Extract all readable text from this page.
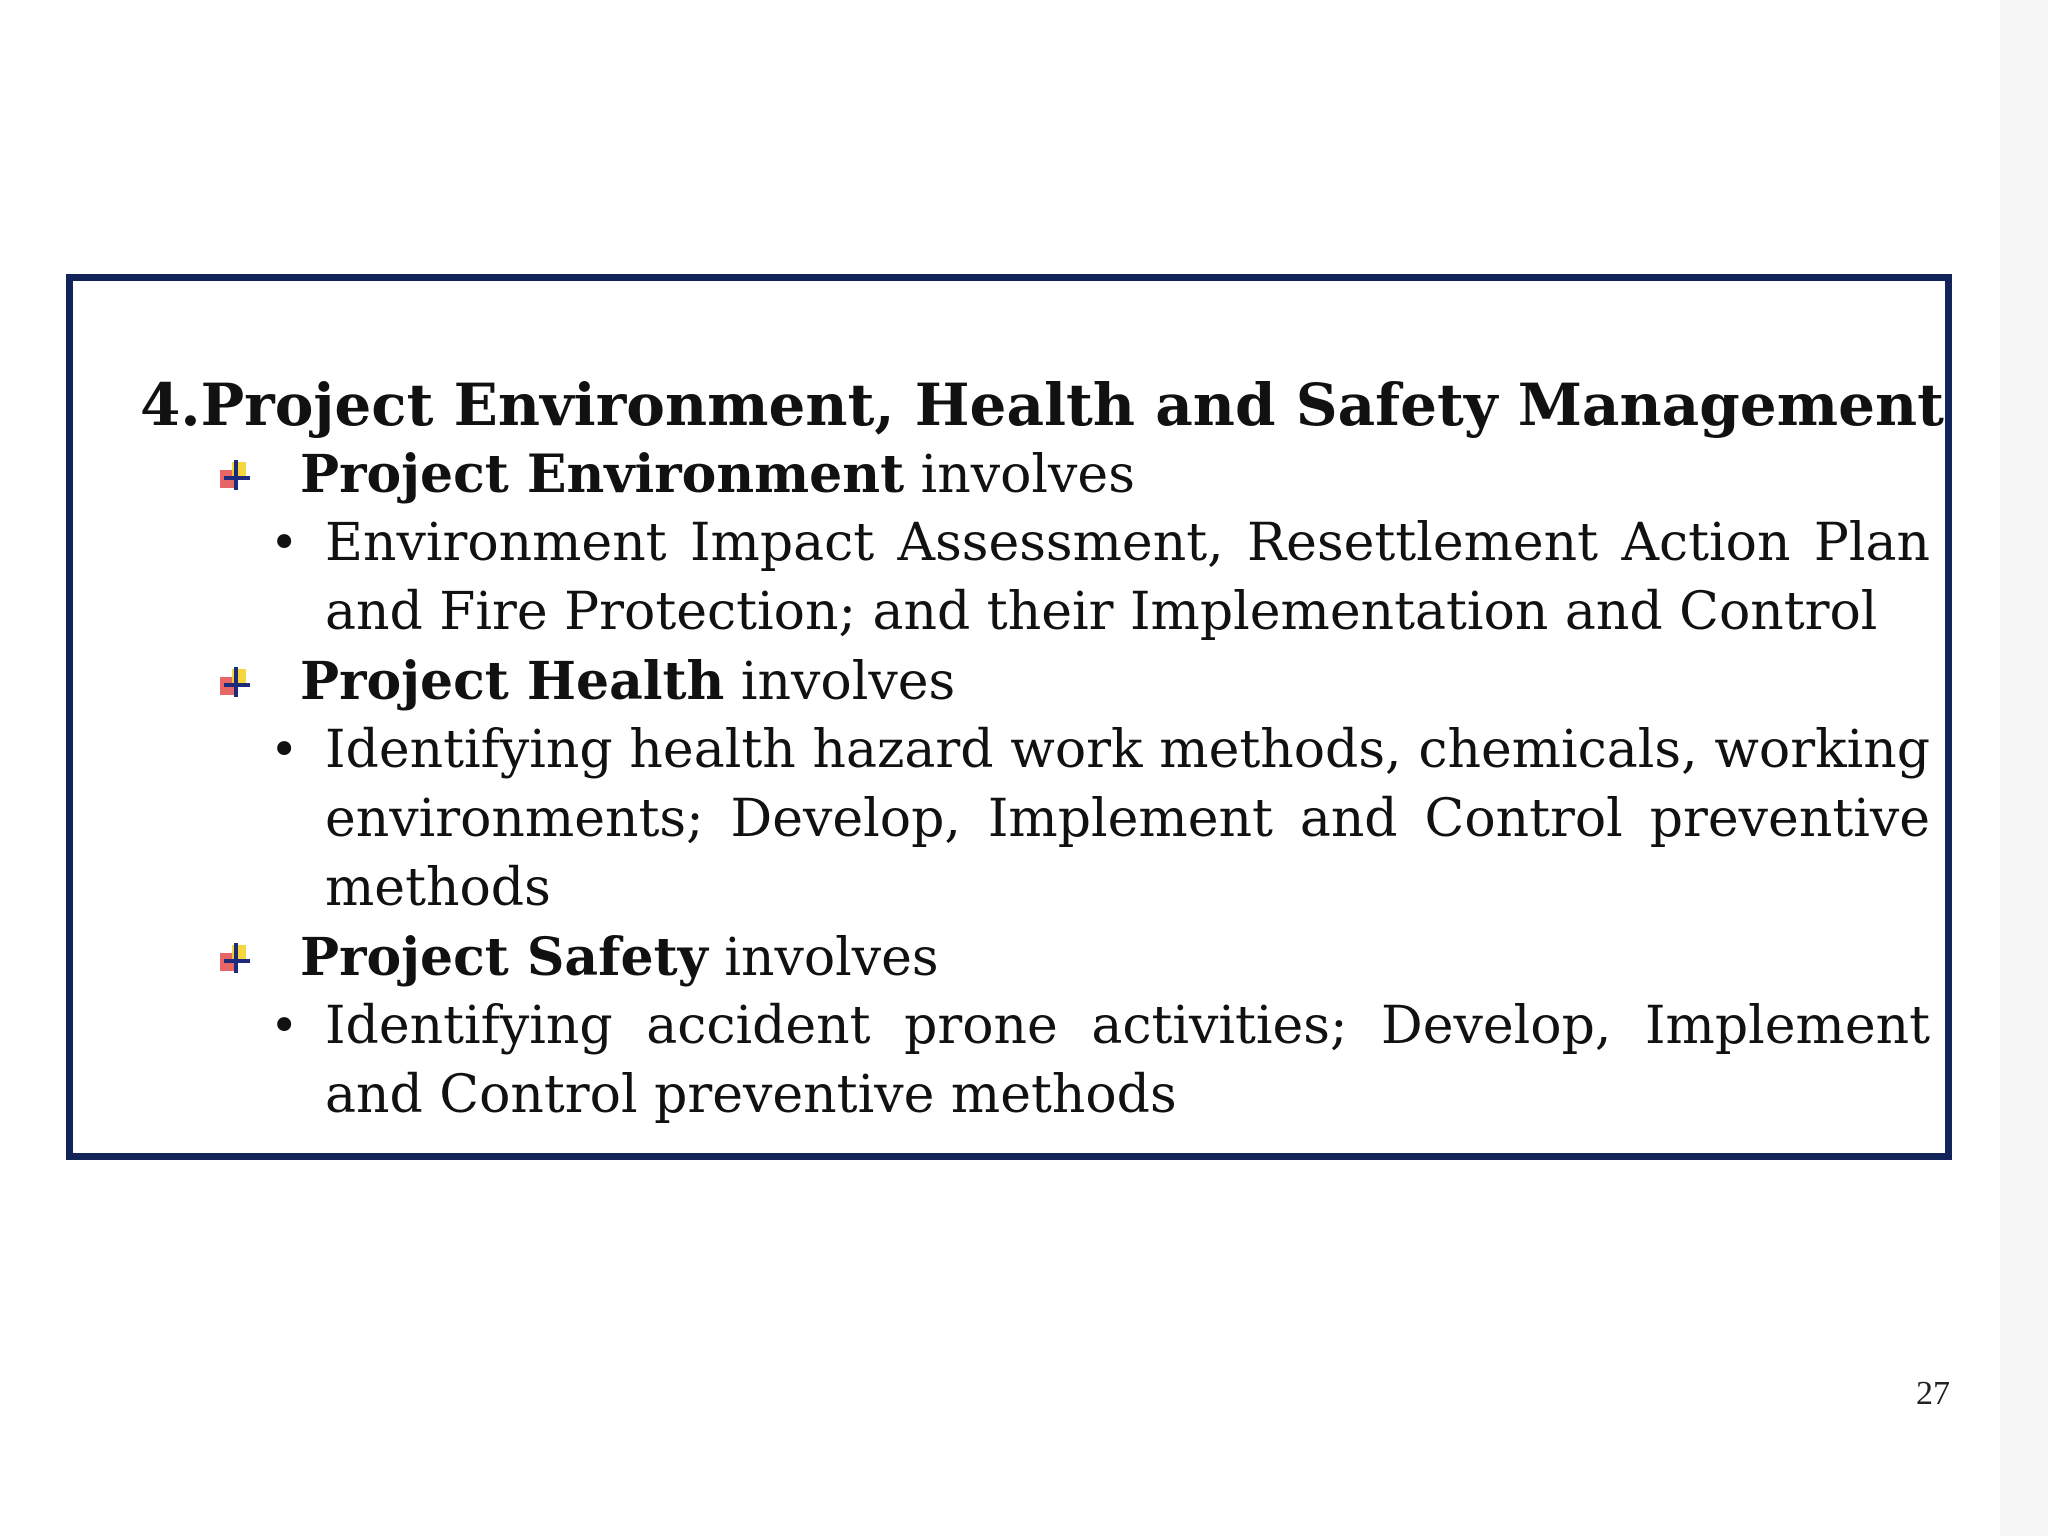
4. Project Environment, Health and Safety Management
Project Environment involves
• Environment Impact Assessment, Resettlement Action Plan and Fire Protection; and their Implementation and Control
Project Health involves
• Identifying health hazard work methods, chemicals, working environments; Develop, Implement and Control preventive methods
Project Safety involves
• Identifying accident prone activities; Develop, Implement and Control preventive methods
27
